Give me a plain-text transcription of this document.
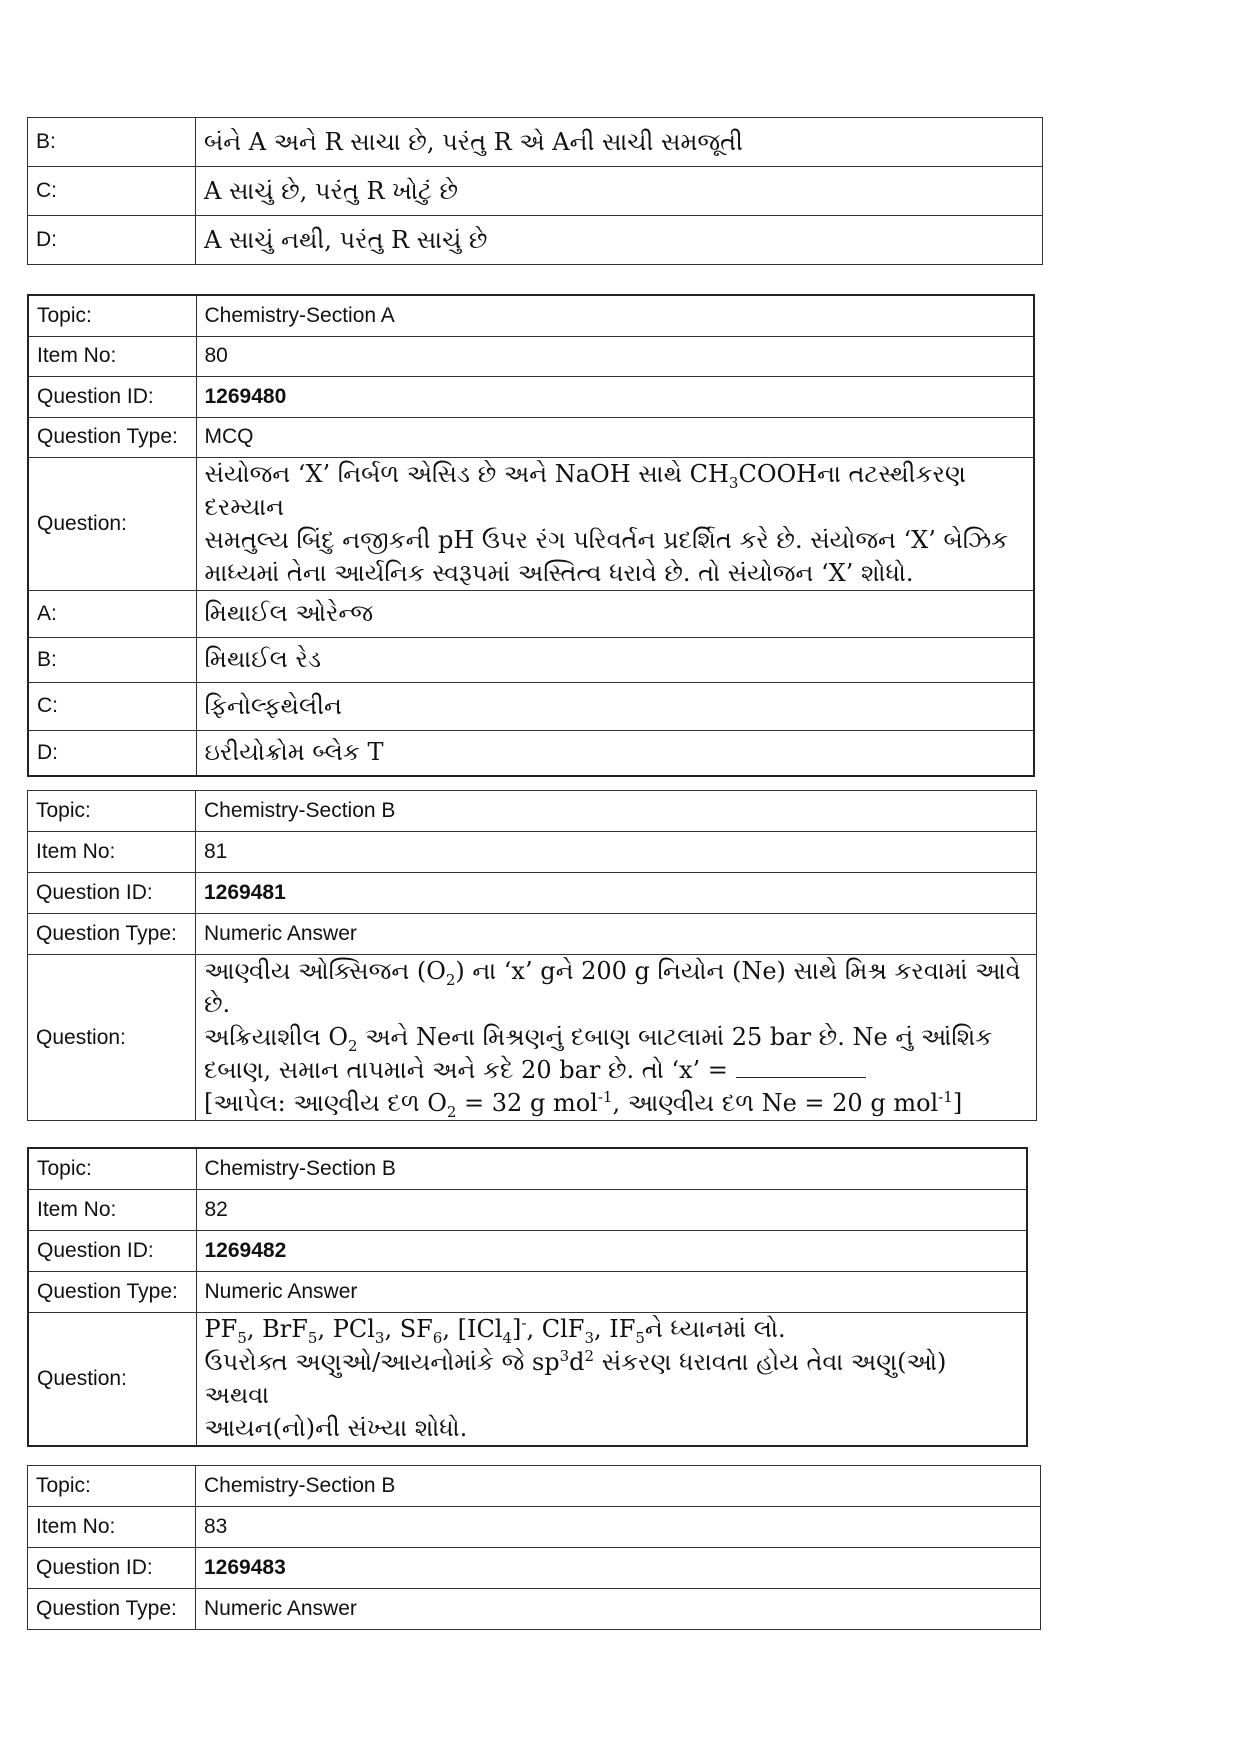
B:	બંને A અને R સાચા છે, પરંતુ R એ Aની સાચી સમજૂતી
C:	A સાચું છે, પરંતુ R ખોટું છે
D:	A સાચું નથી, પરંતુ R સાચું છે
Topic:	Chemistry-Section A
Item No:	80
Question ID:	1269480
Question Type:	MCQ
Question:	સંયોજન ‘X’ નિર્બળ એસિડ છે અને NaOH સાથે $CH_3COOHના$ તટસ્થીકરણ દરમ્યાન
સમતુલ્ય બિંદુ નજીકની pH ઉપર રંગ પરિવર્તન પ્રદર્શિત કરે છે. સંયોજન ‘X’ બેઝિક
માધ્યમાં તેના આર્યનિક સ્વરૂપમાં અસ્તિત્વ ધરાવે છે. તો સંયોજન ‘X’ શોધો.

A:	મિથાઈલ ઓરેન્જ
B:	મિથાઈલ રેડ
C:	ફિનોલ્ફથેલીન
D:	ઇરીયોક્રોમ બ્લેક T
Topic:	Chemistry-Section B
Item No:	81
Question ID:	1269481
Question Type:	Numeric Answer
Question:	આણ્વીય ઓક્સિજન $(O_2)$ ના ‘x’ gને 200 g નિયોન (Ne) સાથે મિશ્ર કરવામાં આવે છે.
અક્રિયાશીલ $O_2$ અને Neના મિશ્રણનું દબાણ બાટલામાં 25 bar છે. Ne નું આંશિક
દબાણ, સમાન તાપમાને અને કદે 20 bar છે. તો ‘x’ =
[આપેલ: આણ્વીય દળ $O_2 = 32$ g mol$^{-1}$, આણ્વીય દળ Ne = 20 g mol$^{-1}$]
Topic:	Chemistry-Section B
Item No:	82
Question ID:	1269482
Question Type:	Numeric Answer
Question:	$PF_5$, BrF$_5$, PCl$_3$, $SF_6$, [ICl$_4$]-, ClF$_3$, $IF_5ને$ ધ્યાનમાં લો.
ઉપરોક્ત અણુઓ/આયનોમાંકે જે $sp^3d^2$ સંકરણ ધરાવતા હોય તેવા અણુ(ઓ) અથવા
આયન(નો)ની સંખ્યા શોધો.
Topic:	Chemistry-Section B
Item No:	83
Question ID:	1269483
Question Type:	Numeric Answer
